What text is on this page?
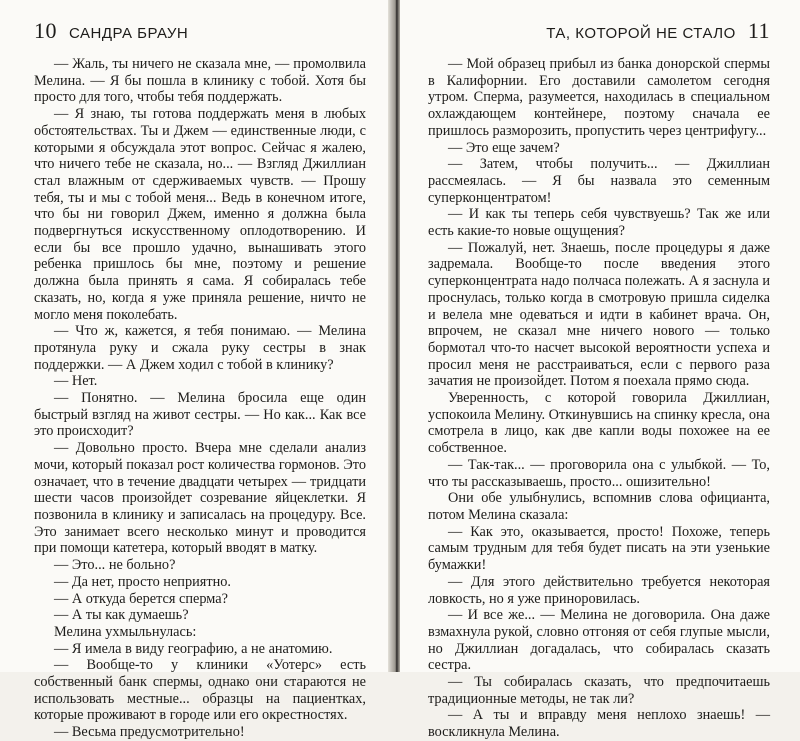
10 САНДРА БРАУН

— Жаль, ты ничего не сказала мне, — промолвила Мелина. — Я бы пошла в клинику с тобой. Хотя бы просто для того, чтобы тебя поддержать.

— Я знаю, ты готова поддержать меня в любых обстоятельствах. Ты и Джем — единственные люди, с которыми я обсуждала этот вопрос. Сейчас я жалею, что ничего тебе не сказала, но... — Взгляд Джиллиан стал влажным от сдерживаемых чувств. — Прошу тебя, ты и мы с тобой меня... Ведь в конечном итоге, что бы ни говорил Джем, именно я должна была подвергнуться искусственному оплодотворению. И если бы все прошло удачно, вынашивать этого ребенка пришлось бы мне, поэтому и решение должна была принять я сама. Я собиралась тебе сказать, но, когда я уже приняла решение, ничто не могло меня поколебать.

— Что ж, кажется, я тебя понимаю. — Мелина протянула руку и сжала руку сестры в знак поддержки. — А Джем ходил с тобой в клинику?

— Нет.

— Понятно. — Мелина бросила еще один быстрый взгляд на живот сестры. — Но как... Как все это происходит?

— Довольно просто. Вчера мне сделали анализ мочи, который показал рост количества гормонов. Это означает, что в течение двадцати четырех — тридцати шести часов произойдет созревание яйцеклетки. Я позвонила в клинику и записалась на процедуру. Все. Это занимает всего несколько минут и проводится при помощи катетера, который вводят в матку.

— Это... не больно?

— Да нет, просто неприятно.

— А откуда берется сперма?

— А ты как думаешь?

Мелина ухмыльнулась:

— Я имела в виду географию, а не анатомию.

— Вообще-то у клиники «Уотерс» есть собственный банк спермы, однако они стараются не использовать местные... образцы на пациентках, которые проживают в городе или его окрестностях.

— Весьма предусмотрительно!

ТА, КОТОРОЙ НЕ СТАЛО 11

— Мой образец прибыл из банка донорской спермы в Калифорнии. Его доставили самолетом сегодня утром. Сперма, разумеется, находилась в специальном охлаждающем контейнере, поэтому сначала ее пришлось разморозить, пропустить через центрифугу...

— Это еще зачем?

— Затем, чтобы получить... — Джиллиан рассмеялась. — Я бы назвала это семенным суперконцентратом!

— И как ты теперь себя чувствуешь? Так же или есть какие-то новые ощущения?

— Пожалуй, нет. Знаешь, после процедуры я даже задремала. Вообще-то после введения этого суперконцентрата надо полчаса полежать. А я заснула и проснулась, только когда в смотровую пришла сиделка и велела мне одеваться и идти в кабинет врача. Он, впрочем, не сказал мне ничего нового — только бормотал что-то насчет высокой вероятности успеха и просил меня не расстраиваться, если с первого раза зачатия не произойдет. Потом я поехала прямо сюда.

Уверенность, с которой говорила Джиллиан, успокоила Мелину. Откинувшись на спинку кресла, она смотрела в лицо, как две капли воды похожее на ее собственное.

— Так-так... — проговорила она с улыбкой. — То, что ты рассказываешь, просто... ошизительно!

Они обе улыбнулись, вспомнив слова официанта, потом Мелина сказала:

— Как это, оказывается, просто! Похоже, теперь самым трудным для тебя будет писать на эти узенькие бумажки!

— Для этого действительно требуется некоторая ловкость, но я уже приноровилась.

— И все же... — Мелина не договорила. Она даже взмахнула рукой, словно отгоняя от себя глупые мысли, но Джиллиан догадалась, что собиралась сказать сестра.

— Ты собиралась сказать, что предпочитаешь традиционные методы, не так ли?

— А ты и вправду меня неплохо знаешь! — воскликнула Мелина.
